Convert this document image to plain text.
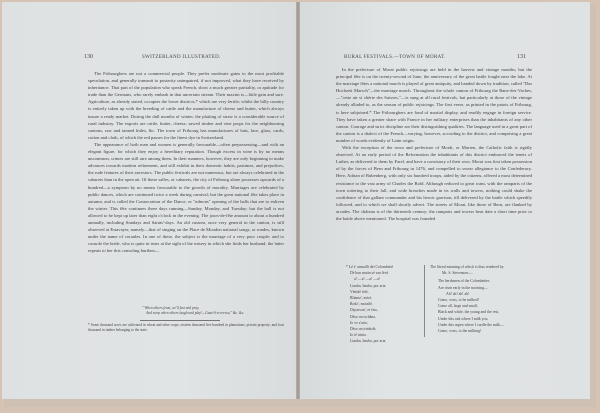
130	SWITZERLAND ILLUSTRATED.

The Fribourghers are not a commercial people. They prefer moderate gains to the most profitable speculation, and generally transmit to posterity unimpaired, if not improved, what they have received by inheritance. That part of the population who speak French, show a much greater partiality, or aptitude for trade than the Germans, who rarely embark in that uncertain stream. Their maxim is—little gain and sure. Agriculture, as already stated, occupies the lower districts,* which are very fertile; whilst the hilly country is entirely taken up with the breeding of cattle and the manufacture of cheese and butter, which always insure a ready market. During the dull months of winter, the plaiting of straw is a considerable source of rural industry. The exports are cattle, butter, cheese, sawed timber and vine props for the neighbouring cantons, raw and tanned hides, &c. The town of Fribourg has manufactures of hats, lace, glass, cards, cotton and cloth, of which the red passes for the finest dye in Switzerland.

The appearance of both men and women is generally favourable—often prepossessing—and with an elegant figure, for which they enjoy a hereditary reputation. Though excess in wine is by no means uncommon, crimes are still rare among them. In their manners, however, they are only beginning to make advances towards modern refinement, and still exhibit in their domestic habits, pastimes, and prejudices, the rude features of their ancestors. The public festivals are not numerous, but are always celebrated in the cabarets than in the open air. Of these salles, or cabarets, the city of Fribourg alone possesses upwards of a hundred—a symptom by no means favourable to the growth of morality. Marriages are celebrated by public dances, which are continued twice a week during carnival; but the great national fête takes place in autumn, and is called the Consecration of the Dance, or "mînons" opening of the balls that are to enliven the winter. This fête continues three days running—Sunday, Monday, and Tuesday; but the ball is not allowed to be kept up later than eight o'clock in the evening. The jours-de-fête amount to about a hundred annually, including Sundays and Saints'-days. An old custom, once very general in the canton, is still observed at Estavayer, namely—that of singing on the Place de Moudon national songs, or rondes, known under the name of coraules. In one of these, the subject is the marriage of a very poor couple; and to console the bride, who is quite in tears at the sight of the misery in which she finds her husband, the latter repeats to her this consoling burthen—

" When others feast, we'll fast and pray,
And weep when others laugh and play!—Gaut-li-a-cerveu," &c. &c.
* Some thousand acres are cultivated in wheat and other crops; sixteen thousand five hundred in plantations, private property; and four thousand in timber belonging to the state.
RURAL FESTIVALS.—TOWN OF MORAT.	131

In the prefecture of Morat public rejoicings are held in the harvest and vintage months; but the principal fête is on the twenty-second of June, the anniversary of the great battle fought near the lake. At the marriage fêtes a national march is played of great antiquity, and handed down by tradition, called "Das Hochzeit Marsch"—the marriage march. Throughout the whole canton of Fribourg the Ranz-des-Vaches,—"cette air si chérie des Suisses,"—is sung at all rural festivals, but particularly at those of the vintage already alluded to, as the season of public rejoicings. The first verse, as printed in the patois of Fribourg, is here subjoined.* The Fribourghers are fond of martial display, and readily engage in foreign service. They have taken a greater share with France in her military enterprises than the inhabitants of any other canton. Courage and strict discipline are their distinguishing qualities. The language used in a great part of the canton is a dialect of the French—varying, however, according to the district, and comprising a great number of words evidently of Latin origin.

With the exception of the town and prefecture of Morât, or Murten, the Catholic faith is rigidly observed. At an early period of the Reformation the inhabitants of this district embraced the tenets of Luther, as delivered to them by Farel, and have a consistory of their own. Morat was first taken possession of by the forces of Bern and Fribourg in 1476, and compelled to swear allegiance to the Confederacy. Here, Adrian of Bubenberg, with only six hundred troops, aided by the citizens, offered a most determined resistance to the vast army of Charles the Bold. Although reduced to great want, with the ramparts of the town tottering to their fall, and wide breaches made in its walls and towers, nothing could shake the confidence of that gallant commander and his heroic garrison, till delivered by the battle which speedily followed, and to which we shall shortly advert. The streets of Morat, like those of Bern, are flanked by arcades. The château is of the thirteenth century; the ramparts and towers bear date a short time prior to the battle above mentioned. The hospital was founded

* Lé z' armailli dei Colombetté
Dé bon matin sé san lévâ
a! —a! —a! —a!
Liauba, liauba, por aria.
Vénidé tôté,
Bliantz', neirè,
Rodz', motailè,
Dzjouvan', et étro,
Dèso on tschâno,
Io vo z'ario,
Dèso on trinbolè,
Io ié trinto.
Liauba, liauba, por aria.
The literal meaning of which is thus rendered by
Mr. S. Stevenson:—
The herdsmen of the Colombettes
Are risen early in the morning—
Ah! ah! ah! ah!
Come, cows, to be milked!
Come all, large and small,
Black and white, the young and the rest,
Under this oak where I milk you,
Under this aspen where I curdle the milk—
Come, cows, to the milking!
